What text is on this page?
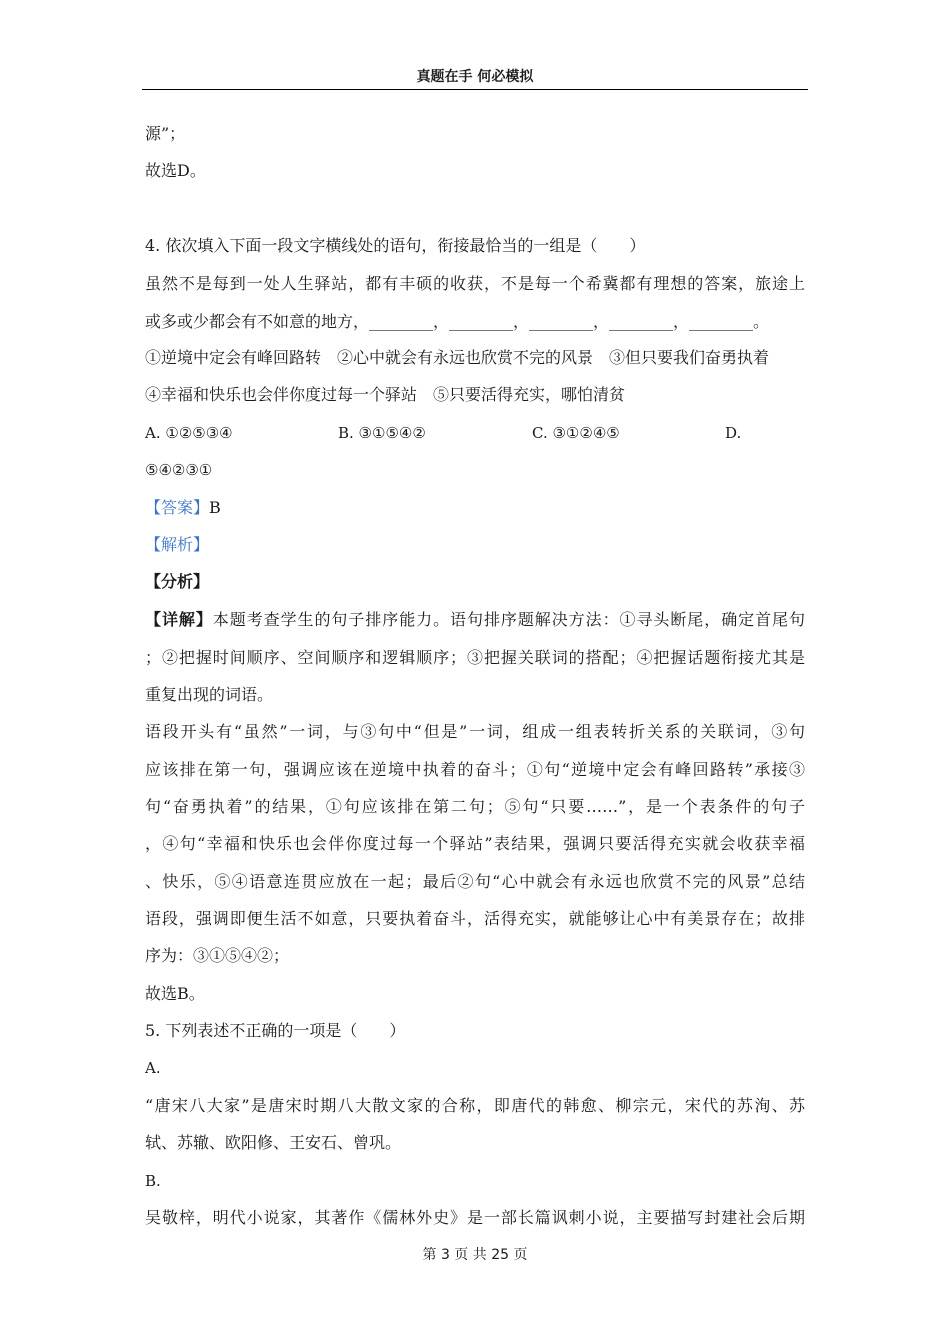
真题在手 何必模拟
源”；
故选D。
4. 依次填入下面一段文字横线处的语句，衔接最恰当的一组是（　　）
虽然不是每到一处人生驿站，都有丰硕的收获，不是每一个希冀都有理想的答案，旅途上
或多或少都会有不如意的地方，________，________，________，________，________。
①逆境中定会有峰回路转　②心中就会有永远也欣赏不完的风景　③但只要我们奋勇执着
④幸福和快乐也会伴你度过每一个驿站　⑤只要活得充实，哪怕清贫
A. ①②⑤③④	B. ③①⑤④②	C. ③①②④⑤	D.
⑤④②③①
【答案】B
【解析】
【分析】
【详解】本题考查学生的句子排序能力。语句排序题解决方法：①寻头断尾，确定首尾句
；②把握时间顺序、空间顺序和逻辑顺序；③把握关联词的搭配；④把握话题衔接尤其是
重复出现的词语。
语段开头有“虽然”一词，与③句中“但是”一词，组成一组表转折关系的关联词，③句
应该排在第一句，强调应该在逆境中执着的奋斗；①句“逆境中定会有峰回路转”承接③
句“奋勇执着”的结果，①句应该排在第二句；⑤句“只要……”，是一个表条件的句子
，④句“幸福和快乐也会伴你度过每一个驿站”表结果，强调只要活得充实就会收获幸福
、快乐，⑤④语意连贯应放在一起；最后②句“心中就会有永远也欣赏不完的风景”总结
语段，强调即便生活不如意，只要执着奋斗，活得充实，就能够让心中有美景存在；故排
序为：③①⑤④②；
故选B。
5. 下列表述不正确的一项是（　　）
A.
“唐宋八大家”是唐宋时期八大散文家的合称，即唐代的韩愈、柳宗元，宋代的苏洵、苏
轼、苏辙、欧阳修、王安石、曾巩。
B.
吴敬梓，明代小说家，其著作《儒林外史》是一部长篇讽刺小说，主要描写封建社会后期
第 3 页 共 25 页
